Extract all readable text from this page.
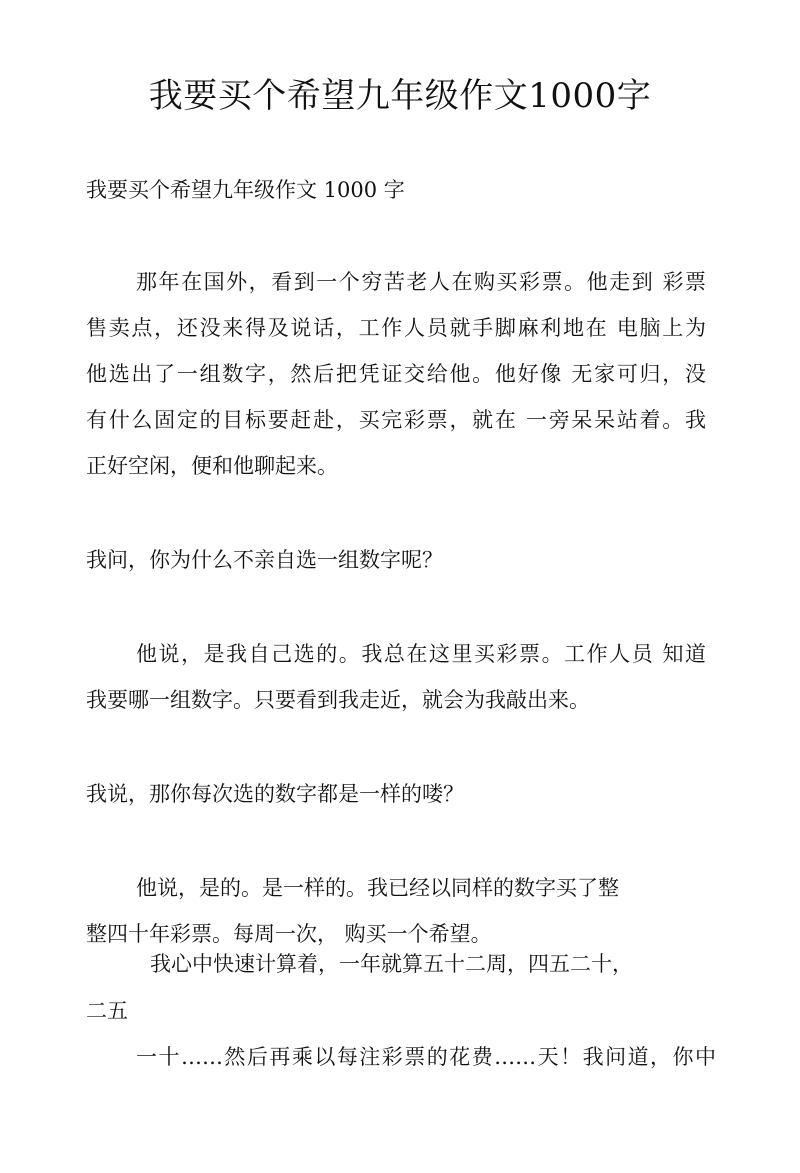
我要买个希望九年级作文1000字
我要买个希望九年级作文 1000 字
那年在国外，看到一个穷苦老人在购买彩票。他走到 彩票
售卖点，还没来得及说话，工作人员就手脚麻利地在 电脑上为
他选出了一组数字，然后把凭证交给他。他好像 无家可归，没
有什么固定的目标要赶赴，买完彩票，就在 一旁呆呆站着。我
正好空闲，便和他聊起来。
我问，你为什么不亲自选一组数字呢？
他说，是我自己选的。我总在这里买彩票。工作人员 知道
我要哪一组数字。只要看到我走近，就会为我敲出来。
我说，那你每次选的数字都是一样的喽？
他说，是的。是一样的。我已经以同样的数字买了整
整四十年彩票。每周一次， 购买一个希望。
我心中快速计算着，一年就算五十二周，四五二十，
二五
一十……然后再乘以每注彩票的花费……天！我问道，你中
